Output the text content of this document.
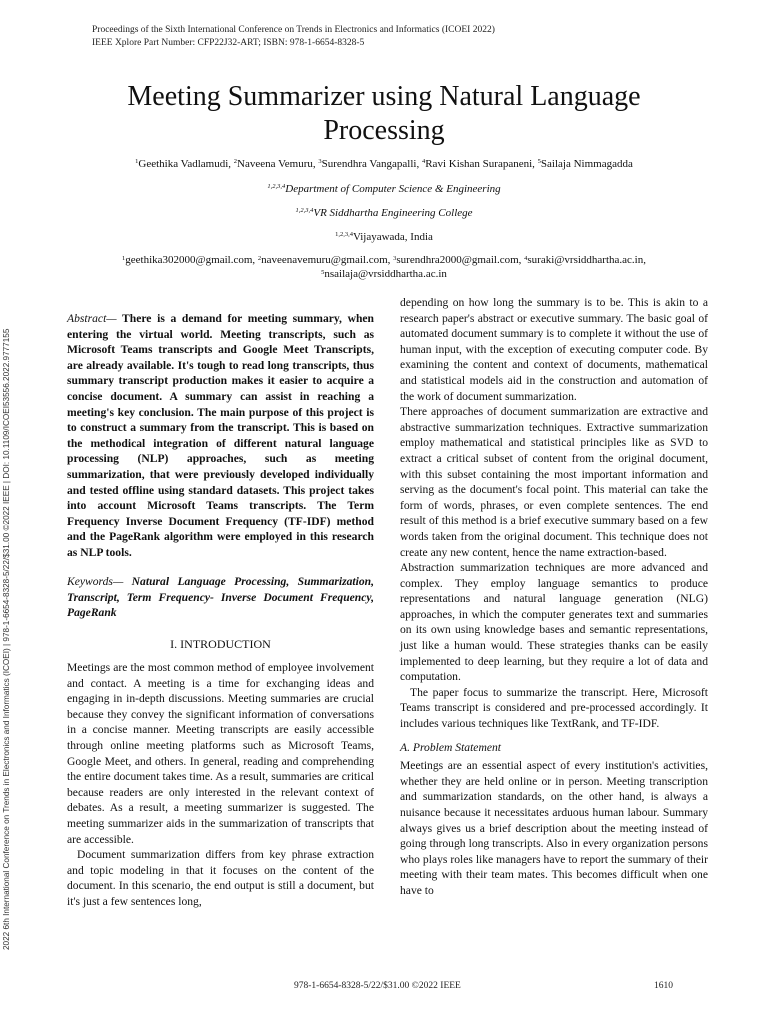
Proceedings of the Sixth International Conference on Trends in Electronics and Informatics (ICOEI 2022)
IEEE Xplore Part Number: CFP22J32-ART; ISBN: 978-1-6654-8328-5
2022 6th International Conference on Trends in Electronics and Informatics (ICOEI) | 978-1-6654-8328-5/22/$31.00 ©2022 IEEE | DOI: 10.1109/ICOEI53556.2022.9777155
Meeting Summarizer using Natural Language Processing
$^1$Geethika Vadlamudi, $^2$Naveena Vemuru, $^3$Surendhra Vangapalli, $^4$Ravi Kishan Surapaneni, $^5$Sailaja Nimmagadda
$^{1,2,3,4}$Department of Computer Science & Engineering
$^{1,2,3,4}$VR Siddhartha Engineering College
$^{1,2,3,4}$Vijayawada, India
$^1$geethika302000@gmail.com, $^2$naveenavemuru@gmail.com, $^3$surendhra2000@gmail.com, $^4$suraki@vrsiddhartha.ac.in,
$^5$nsailaja@vrsiddhartha.ac.in
Abstract— There is a demand for meeting summary, when entering the virtual world. Meeting transcripts, such as Microsoft Teams transcripts and Google Meet Transcripts, are already available. It's tough to read long transcripts, thus summary transcript production makes it easier to acquire a concise document. A summary can assist in reaching a meeting's key conclusion. The main purpose of this project is to construct a summary from the transcript. This is based on the methodical integration of different natural language processing (NLP) approaches, such as meeting summarization, that were previously developed individually and tested offline using standard datasets. This project takes into account Microsoft Teams transcripts. The Term Frequency Inverse Document Frequency (TF-IDF) method and the PageRank algorithm were employed in this research as NLP tools.
Keywords— Natural Language Processing, Summarization, Transcript, Term Frequency- Inverse Document Frequency, PageRank
I. INTRODUCTION

Meetings are the most common method of employee involvement and contact. A meeting is a time for exchanging ideas and engaging in in-depth discussions. Meeting summaries are crucial because they convey the significant information of conversations in a concise manner. Meeting transcripts are easily accessible through online meeting platforms such as Microsoft Teams, Google Meet, and others. In general, reading and comprehending the entire document takes time. As a result, summaries are critical because readers are only interested in the relevant context of debates. As a result, a meeting summarizer is suggested. The meeting summarizer aids in the summarization of transcripts that are accessible.

Document summarization differs from key phrase extraction and topic modeling in that it focuses on the content of the document. In this scenario, the end output is still a document, but it's just a few sentences long,

depending on how long the summary is to be. This is akin to a research paper's abstract or executive summary. The basic goal of automated document summary is to complete it without the use of human input, with the exception of executing computer code. By examining the content and context of documents, mathematical and statistical models aid in the construction and automation of the work of document summarization.

There approaches of document summarization are extractive and abstractive summarization techniques. Extractive summarization employ mathematical and statistical principles like as SVD to extract a critical subset of content from the original document, with this subset containing the most important information and serving as the document's focal point. This material can take the form of words, phrases, or even complete sentences. The end result of this method is a brief executive summary based on a few words taken from the original document. This technique does not create any new content, hence the name extraction-based.

Abstraction summarization techniques are more advanced and complex. They employ language semantics to produce representations and natural language generation (NLG) approaches, in which the computer generates text and summaries on its own using knowledge bases and semantic representations, just like a human would. These strategies thanks can be easily implemented to deep learning, but they require a lot of data and computation.

The paper focus to summarize the transcript. Here, Microsoft Teams transcript is considered and pre-processed accordingly. It includes various techniques like TextRank, and TF-IDF.

A. Problem Statement

Meetings are an essential aspect of every institution's activities, whether they are held online or in person. Meeting transcription and summarization standards, on the other hand, is always a nuisance because it necessitates arduous human labour. Summary always gives us a brief description about the meeting instead of going through long transcripts. Also in every organization persons who plays roles like managers have to report the summary of their meeting with their team mates. This becomes difficult when one have to

978-1-6654-8328-5/22/$31.00 ©2022 IEEE	1610
